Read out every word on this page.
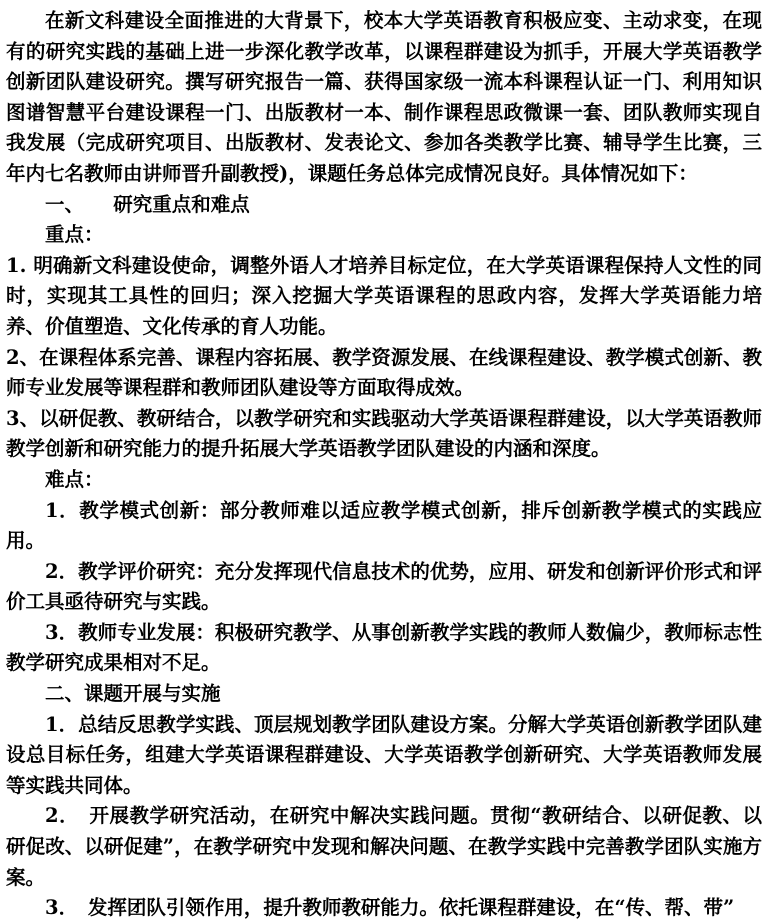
在新文科建设全面推进的大背景下，校本大学英语教育积极应变、主动求变，在现有的研究实践的基础上进一步深化教学改革，以课程群建设为抓手，开展大学英语教学创新团队建设研究。撰写研究报告一篇、获得国家级一流本科课程认证一门、利用知识图谱智慧平台建设课程一门、出版教材一本、制作课程思政微课一套、团队教师实现自我发展（完成研究项目、出版教材、发表论文、参加各类教学比赛、辅导学生比赛，三年内七名教师由讲师晋升副教授)，课题任务总体完成情况良好。具体情况如下：

一、　　研究重点和难点

重点：

1. 明确新文科建设使命，调整外语人才培养目标定位，在大学英语课程保持人文性的同时，实现其工具性的回归；深入挖掘大学英语课程的思政内容，发挥大学英语能力培养、价值塑造、文化传承的育人功能。

2、在课程体系完善、课程内容拓展、教学资源发展、在线课程建设、教学模式创新、教师专业发展等课程群和教师团队建设等方面取得成效。

3、以研促教、教研结合，以教学研究和实践驱动大学英语课程群建设，以大学英语教师教学创新和研究能力的提升拓展大学英语教学团队建设的内涵和深度。

难点：

1．教学模式创新：部分教师难以适应教学模式创新，排斥创新教学模式的实践应用。

2．教学评价研究：充分发挥现代信息技术的优势，应用、研发和创新评价形式和评价工具亟待研究与实践。

3．教师专业发展：积极研究教学、从事创新教学实践的教师人数偏少，教师标志性教学研究成果相对不足。

二、课题开展与实施

1．总结反思教学实践、顶层规划教学团队建设方案。分解大学英语创新教学团队建设总目标任务，组建大学英语课程群建设、大学英语教学创新研究、大学英语教师发展等实践共同体。

2．　开展教学研究活动，在研究中解决实践问题。贯彻“教研结合、以研促教、以研促改、以研促建”，在教学研究中发现和解决问题、在教学实践中完善教学团队实施方案。

3．　发挥团队引领作用，提升教师教研能力。依托课程群建设，在“传、帮、带”
